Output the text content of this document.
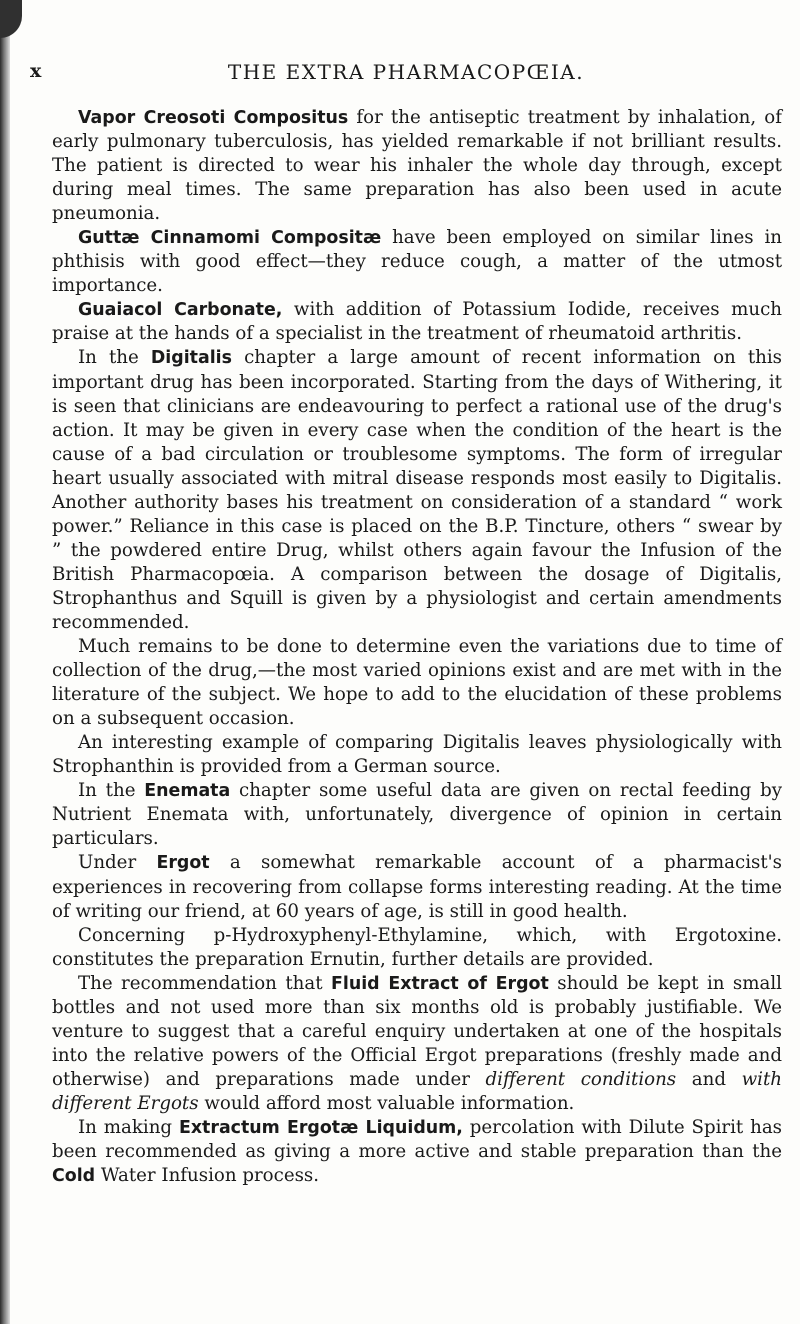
x	THE EXTRA PHARMACOPŒIA.

Vapor Creosoti Compositus for the antiseptic treatment by inhalation, of early pulmonary tuberculosis, has yielded remarkable if not brilliant results. The patient is directed to wear his inhaler the whole day through, except during meal times. The same preparation has also been used in acute pneumonia.

Guttæ Cinnamomi Compositæ have been employed on similar lines in phthisis with good effect—they reduce cough, a matter of the utmost importance.

Guaiacol Carbonate, with addition of Potassium Iodide, receives much praise at the hands of a specialist in the treatment of rheumatoid arthritis.

In the Digitalis chapter a large amount of recent information on this important drug has been incorporated. Starting from the days of Withering, it is seen that clinicians are endeavouring to perfect a rational use of the drug's action. It may be given in every case when the condition of the heart is the cause of a bad circulation or troublesome symptoms. The form of irregular heart usually associated with mitral disease responds most easily to Digitalis. Another authority bases his treatment on consideration of a standard “ work power.” Reliance in this case is placed on the B.P. Tincture, others “ swear by ” the powdered entire Drug, whilst others again favour the Infusion of the British Pharmacopœia. A comparison between the dosage of Digitalis, Strophanthus and Squill is given by a physiologist and certain amendments recommended.

Much remains to be done to determine even the variations due to time of collection of the drug,—the most varied opinions exist and are met with in the literature of the subject. We hope to add to the elucidation of these problems on a subsequent occasion.

An interesting example of comparing Digitalis leaves physiologically with Strophanthin is provided from a German source.

In the Enemata chapter some useful data are given on rectal feeding by Nutrient Enemata with, unfortunately, divergence of opinion in certain particulars.

Under Ergot a somewhat remarkable account of a pharmacist's experiences in recovering from collapse forms interesting reading. At the time of writing our friend, at 60 years of age, is still in good health.

Concerning p-Hydroxyphenyl-Ethylamine, which, with Ergotoxine. constitutes the preparation Ernutin, further details are provided.

The recommendation that Fluid Extract of Ergot should be kept in small bottles and not used more than six months old is probably justifiable. We venture to suggest that a careful enquiry undertaken at one of the hospitals into the relative powers of the Official Ergot preparations (freshly made and otherwise) and preparations made under different conditions and with different Ergots would afford most valuable information.

In making Extractum Ergotæ Liquidum, percolation with Dilute Spirit has been recommended as giving a more active and stable preparation than the Cold Water Infusion process.
